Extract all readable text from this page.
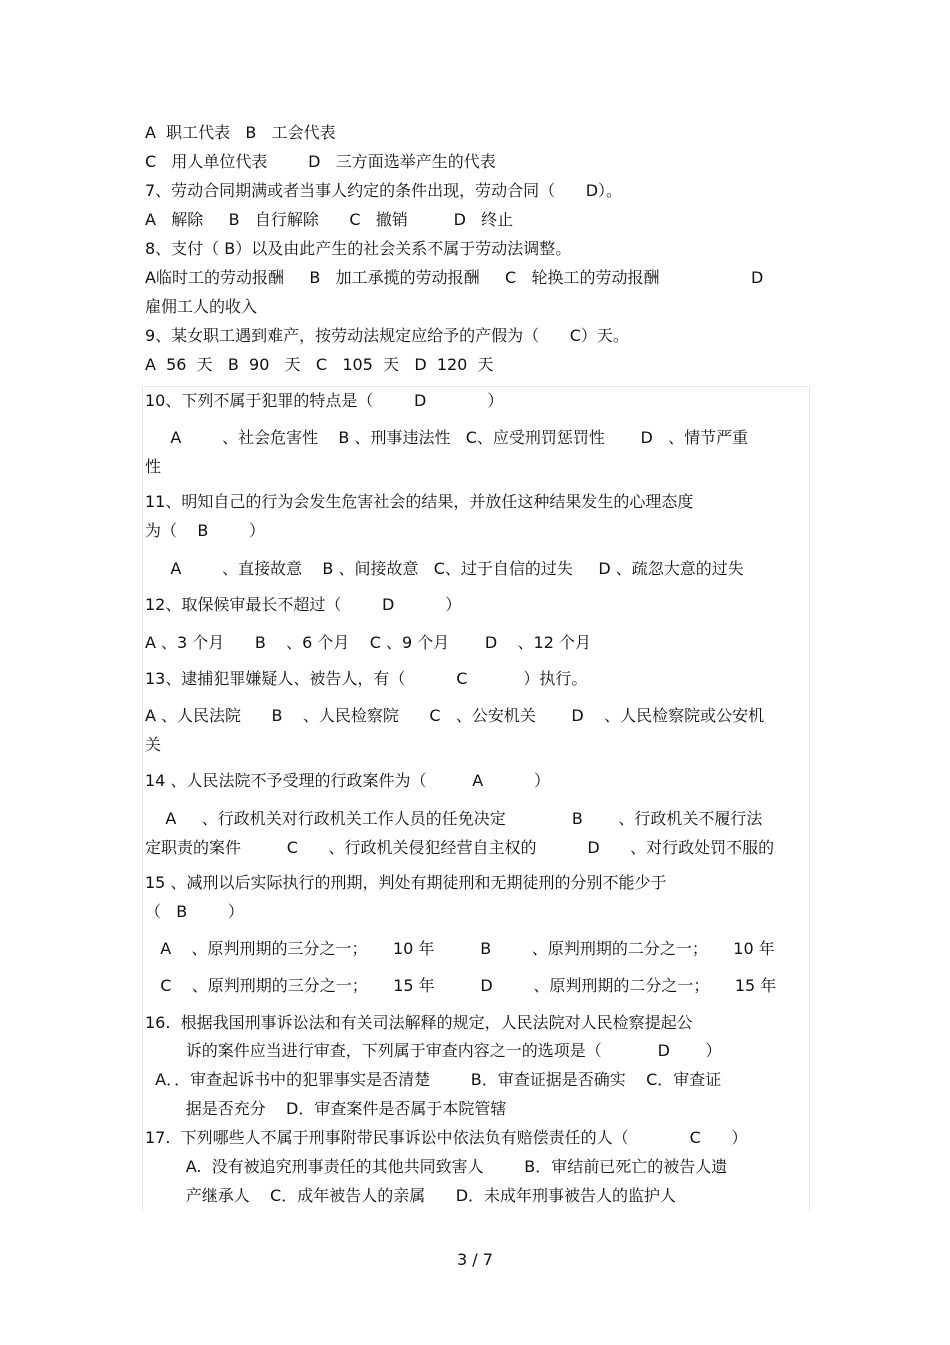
A  职工代表   B   工会代表
C   用人单位代表        D   三方面选举产生的代表
7、劳动合同期满或者当事人约定的条件出现，劳动合同（      D）。
A   解除     B   自行解除      C   撤销         D   终止
8、支付（ B）以及由此产生的社会关系不属于劳动法调整。
A临时工的劳动报酬     B   加工承揽的劳动报酬     C   轮换工的劳动报酬                  D
雇佣工人的收入
9、某女职工遇到难产，按劳动法规定应给予的产假为（      C）天。
A  56  天   B  90   天   C   105  天   D  120  天
10、下列不属于犯罪的特点是（        D            ）
A        、社会危害性    B 、刑事违法性   C、应受刑罚惩罚性       D   、情节严重
性
11、明知自己的行为会发生危害社会的结果，并放任这种结果发生的心理态度
为（    B        ）
A        、直接故意    B 、间接故意   C、过于自信的过失     D 、疏忽大意的过失
12、取保候审最长不超过（        D          ）
A 、3 个月      B    、6 个月    C 、9 个月       D    、12 个月
13、逮捕犯罪嫌疑人、被告人，有（          C           ）执行。
A 、人民法院      B    、人民检察院      C   、公安机关       D    、人民检察院或公安机
关
14 、人民法院不予受理的行政案件为（         A          ）
A     、行政机关对行政机关工作人员的任免决定             B       、行政机关不履行法
定职责的案件         C      、行政机关侵犯经营自主权的          D      、对行政处罚不服的
15 、减刑以后实际执行的刑期，判处有期徒刑和无期徒刑的分别不能少于
（   B        ）
A    、原判刑期的三分之一；     10 年         B        、原判刑期的二分之一；     10 年
C    、原判刑期的三分之一；     15 年         D        、原判刑期的二分之一；     15 年
16.  根据我国刑事诉讼法和有关司法解释的规定，人民法院对人民检察提起公
诉的案件应当进行审查，下列属于审查内容之一的选项是（           D       ）
A．．审查起诉书中的犯罪事实是否清楚        B．审查证据是否确实    C．审查证
据是否充分    D．审查案件是否属于本院管辖
17.  下列哪些人不属于刑事附带民事诉讼中依法负有赔偿责任的人（            C      ）
A.  没有被追究刑事责任的其他共同致害人        B．审结前已死亡的被告人遗
产继承人    C．成年被告人的亲属      D．未成年刑事被告人的监护人
3 / 7
